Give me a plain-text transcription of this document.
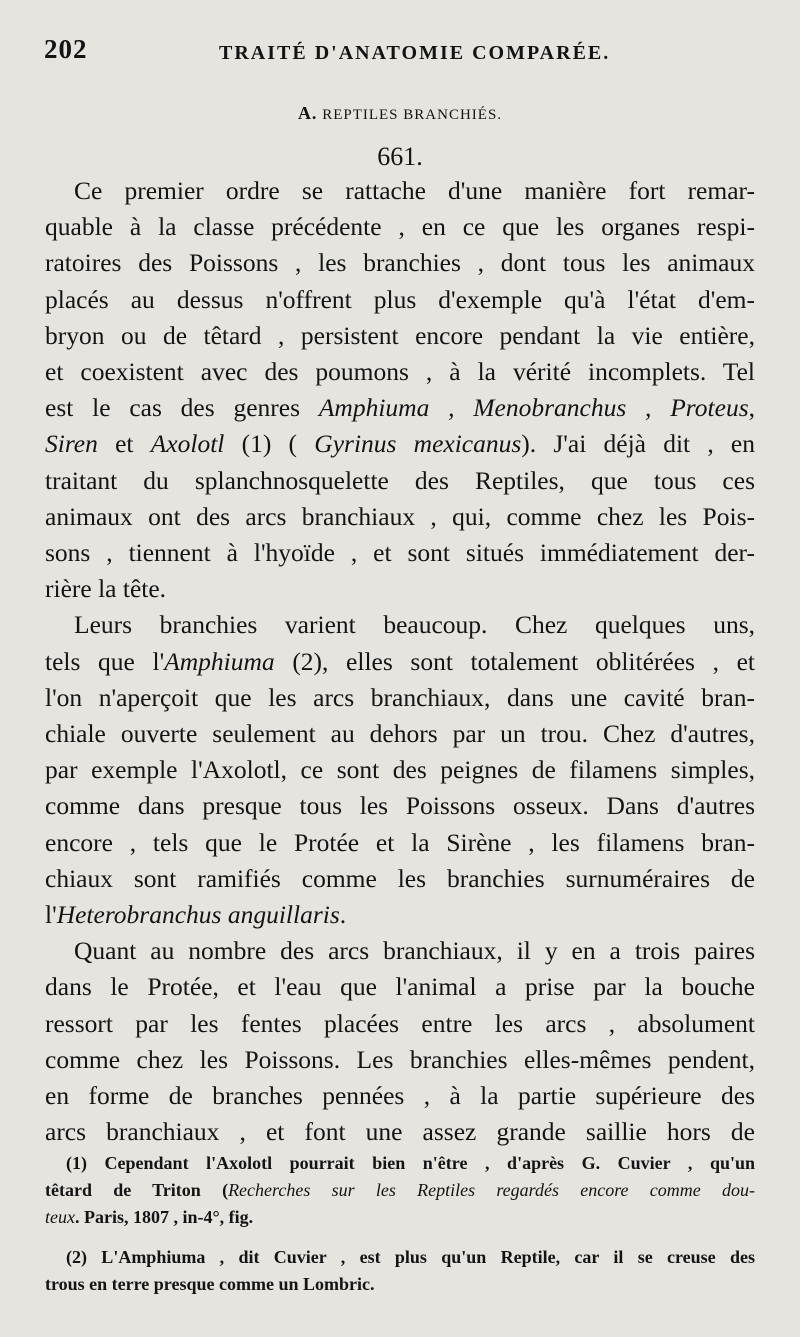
202	TRAITÉ D'ANATOMIE COMPARÉE.
A. REPTILES BRANCHIÉS.
661.
Ce premier ordre se rattache d'une manière fort remar-
quable à la classe précédente , en ce que les organes respi-
ratoires des Poissons , les branchies , dont tous les animaux
placés au dessus n'offrent plus d'exemple qu'à l'état d'em-
bryon ou de têtard , persistent encore pendant la vie entière,
et coexistent avec des poumons , à la vérité incomplets. Tel
est le cas des genres Amphiuma , Menobranchus , Proteus,
Siren et Axolotl (1) ( Gyrinus mexicanus). J'ai déjà dit , en
traitant du splanchnosquelette des Reptiles, que tous ces
animaux ont des arcs branchiaux , qui, comme chez les Pois-
sons , tiennent à l'hyoïde , et sont situés immédiatement der-
rière la tête.
Leurs branchies varient beaucoup. Chez quelques uns,
tels que l'Amphiuma (2), elles sont totalement oblitérées , et
l'on n'aperçoit que les arcs branchiaux, dans une cavité bran-
chiale ouverte seulement au dehors par un trou. Chez d'autres,
par exemple l'Axolotl, ce sont des peignes de filamens simples,
comme dans presque tous les Poissons osseux. Dans d'autres
encore , tels que le Protée et la Sirène , les filamens bran-
chiaux sont ramifiés comme les branchies surnuméraires de
l'Heterobranchus anguillaris.
Quant au nombre des arcs branchiaux, il y en a trois paires
dans le Protée, et l'eau que l'animal a prise par la bouche
ressort par les fentes placées entre les arcs , absolument
comme chez les Poissons. Les branchies elles-mêmes pendent,
en forme de branches pennées , à la partie supérieure des
arcs branchiaux , et font une assez grande saillie hors de
(1) Cependant l'Axolotl pourrait bien n'être , d'après G. Cuvier , qu'un
têtard de Triton (Recherches sur les Reptiles regardés encore comme dou-
teux. Paris, 1807 , in-4°, fig.
(2) L'Amphiuma , dit Cuvier , est plus qu'un Reptile, car il se creuse des
trous en terre presque comme un Lombric.
